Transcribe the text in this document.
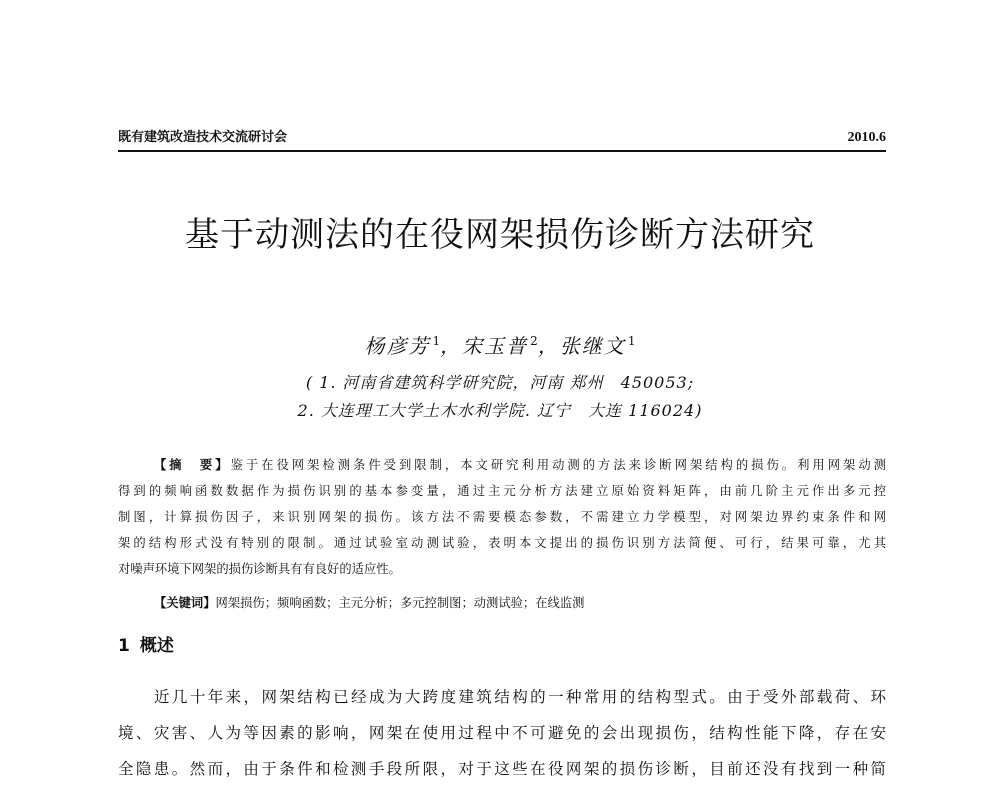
既有建筑改造技术交流研讨会	2010.6
基于动测法的在役网架损伤诊断方法研究
杨彦芳 $^1$，宋玉普 $^2$，张继文 $^1$
( 1. 河南省建筑科学研究院，河南 郑州　450053;
2. 大连理工大学土木水利学院. 辽宁　大连 116024)
【摘　要】鉴于在役网架检测条件受到限制，本文研究利用动测的方法来诊断网架结构的损伤。利用网架动测
得到的频响函数数据作为损伤识别的基本参变量，通过主元分析方法建立原始资料矩阵，由前几阶主元作出多元控
制图，计算损伤因子，来识别网架的损伤。该方法不需要模态参数，不需建立力学模型，对网架边界约束条件和网
架的结构形式没有特别的限制。通过试验室动测试验，表明本文提出的损伤识别方法简便、可行，结果可靠，尤其
对噪声环境下网架的损伤诊断具有有良好的适应性。
【关键词】网架损伤；频响函数；主元分析；多元控制图；动测试验；在线监测
1 概述
近几十年来，网架结构已经成为大跨度建筑结构的一种常用的结构型式。由于受外部载荷、环
境、灾害、人为等因素的影响，网架在使用过程中不可避免的会出现损伤，结构性能下降，存在安
全隐患。然而，由于条件和检测手段所限，对于这些在役网架的损伤诊断，目前还没有找到一种简
